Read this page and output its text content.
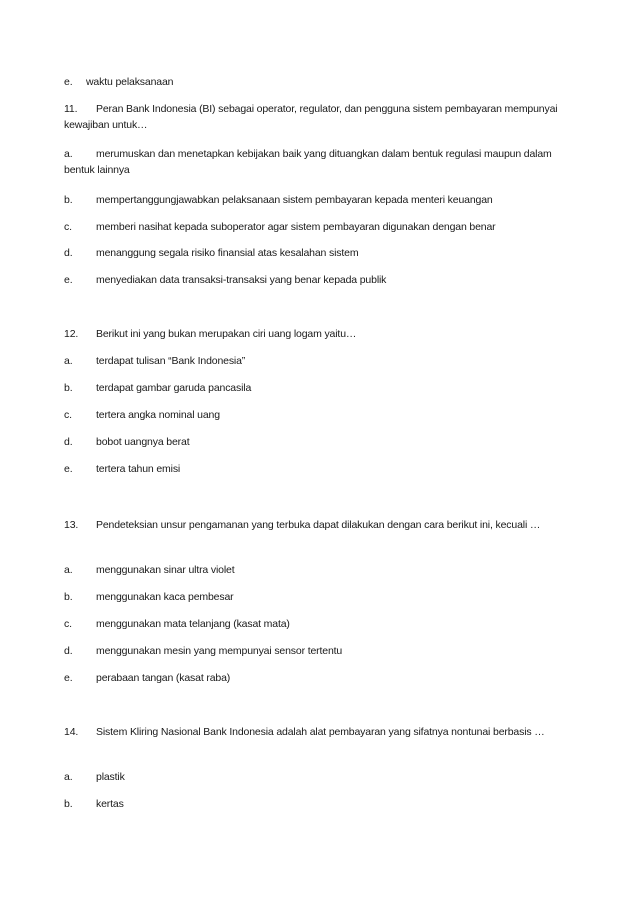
e. waktu pelaksanaan
11. Peran Bank Indonesia (BI) sebagai operator, regulator, dan pengguna sistem pembayaran mempunyai kewajiban untuk…
a. merumuskan dan menetapkan kebijakan baik yang dituangkan dalam bentuk regulasi maupun dalam bentuk lainnya
b. mempertanggungjawabkan pelaksanaan sistem pembayaran kepada menteri keuangan
c. memberi nasihat kepada suboperator agar sistem pembayaran digunakan dengan benar
d. menanggung segala risiko finansial atas kesalahan sistem
e. menyediakan data transaksi-transaksi yang benar kepada publik
12. Berikut ini yang bukan merupakan ciri uang logam yaitu…
a. terdapat tulisan “Bank Indonesia”
b. terdapat gambar garuda pancasila
c. tertera angka nominal uang
d. bobot uangnya berat
e. tertera tahun emisi
13. Pendeteksian unsur pengamanan yang terbuka dapat dilakukan dengan cara berikut ini, kecuali …
a. menggunakan sinar ultra violet
b. menggunakan kaca pembesar
c. menggunakan mata telanjang (kasat mata)
d. menggunakan mesin yang mempunyai sensor tertentu
e. perabaan tangan (kasat raba)
14. Sistem Kliring Nasional Bank Indonesia adalah alat pembayaran yang sifatnya nontunai berbasis …
a. plastik
b. kertas
